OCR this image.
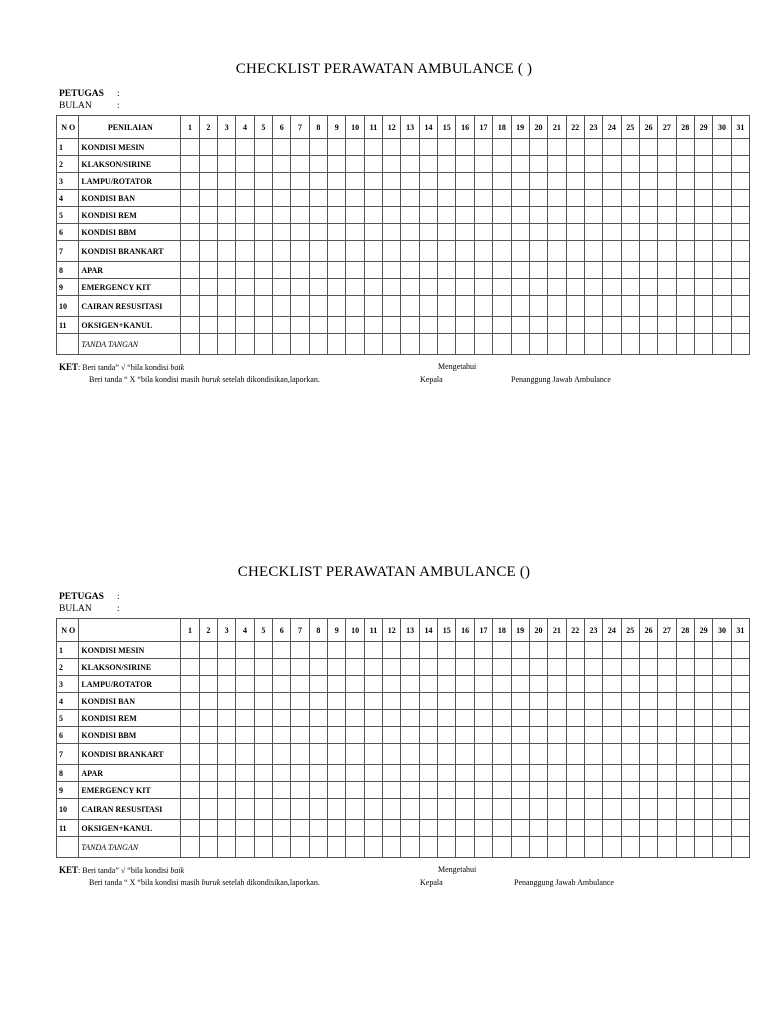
CHECKLIST PERAWATAN AMBULANCE ( )
PETUGAS :
BULAN	:
N O	PENILAIAN	1	2	3	4	5	6	7	8	9	10	11	12	13	14	15	16	17	18	19	20	21	22	23	24	25	26	27	28	29	30	31
1	KONDISI MESIN																															
2	KLAKSON/SIRINE																															
3	LAMPU/ROTATOR																															
4	KONDISI BAN																															
5	KONDISI REM																															
6	KONDISI BBM																															
7	KONDISI BRANKART																															
8	APAR																															
9	EMERGENCY KIT																															
10	CAIRAN RESUSITASI																															
11	OKSIGEN+KANUL																															
	TANDA TANGAN																															
KET: Beri tanda” √ “bila kondisi baik	Mengetahui
Beri tanda “ X “bila kondisi masih buruk setelah dikondisikan,laporkan.	Kepala	Penanggung Jawab Ambulance
CHECKLIST PERAWATAN AMBULANCE ()
PETUGAS :
BULAN	:
N O		1	2	3	4	5	6	7	8	9	10	11	12	13	14	15	16	17	18	19	20	21	22	23	24	25	26	27	28	29	30	31
1	KONDISI MESIN																															
2	KLAKSON/SIRINE																															
3	LAMPU/ROTATOR																															
4	KONDISI BAN																															
5	KONDISI REM																															
6	KONDISI BBM																															
7	KONDISI BRANKART																															
8	APAR																															
9	EMERGENCY KIT																															
10	CAIRAN RESUSITASI																															
11	OKSIGEN+KANUL																															
	TANDA TANGAN																															
KET: Beri tanda” √ “bila kondisi baik	Mengetahui
Beri tanda “ X “bila kondisi masih buruk setelah dikondisikan,laporkan.	Kepala	Penanggung Jawab Ambulance
